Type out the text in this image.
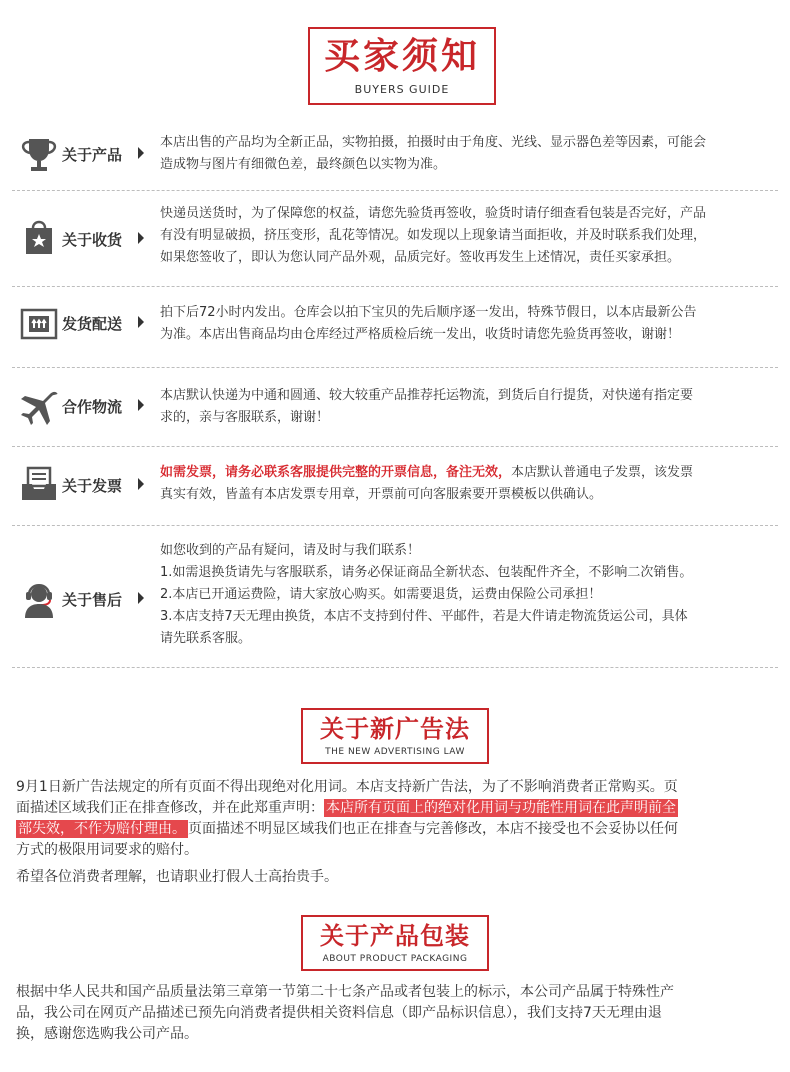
买家须知
BUYERS GUIDE
关于产品

本店出售的产品均为全新正品，实物拍摄，拍摄时由于角度、光线、显示器色差等因素，可能会

造成物与图片有细微色差，最终颜色以实物为准。

关于收货

快递员送货时，为了保障您的权益，请您先验货再签收，验货时请仔细查看包装是否完好，产品

有没有明显破损，挤压变形，乱花等情况。如发现以上现象请当面拒收，并及时联系我们处理，

如果您签收了，即认为您认同产品外观，品质完好。签收再发生上述情况，责任买家承担。

发货配送

拍下后72小时内发出。仓库会以拍下宝贝的先后顺序逐一发出，特殊节假日，以本店最新公告

为准。本店出售商品均由仓库经过严格质检后统一发出，收货时请您先验货再签收，谢谢！

合作物流

本店默认快递为中通和圆通、较大较重产品推荐托运物流，到货后自行提货，对快递有指定要

求的，亲与客服联系，谢谢！

关于发票

如需发票，请务必联系客服提供完整的开票信息，备注无效，本店默认普通电子发票，该发票

真实有效，皆盖有本店发票专用章，开票前可向客服索要开票模板以供确认。

关于售后

如您收到的产品有疑问，请及时与我们联系！

1.如需退换货请先与客服联系，请务必保证商品全新状态、包装配件齐全，不影响二次销售。

2.本店已开通运费险，请大家放心购买。如需要退货，运费由保险公司承担！

3.本店支持7天无理由换货，本店不支持到付件、平邮件，若是大件请走物流货运公司，具体

请先联系客服。

关于新广告法
THE NEW ADVERTISING LAW

9月1日新广告法规定的所有页面不得出现绝对化用词。本店支持新广告法，为了不影响消费者正常购买。页

面描述区域我们正在排查修改，并在此郑重声明： 本店所有页面上的绝对化用词与功能性用词在此声明前全

部失效，不作为赔付理由。 页面描述不明显区域我们也正在排查与完善修改，本店不接受也不会妥协以任何

方式的极限用词要求的赔付。

希望各位消费者理解，也请职业打假人士高抬贵手。

关于产品包装
ABOUT PRODUCT PACKAGING

根据中华人民共和国产品质量法第三章第一节第二十七条产品或者包装上的标示，本公司产品属于特殊性产

品，我公司在网页产品描述已预先向消费者提供相关资料信息（即产品标识信息），我们支持7天无理由退

换，感谢您选购我公司产品。
